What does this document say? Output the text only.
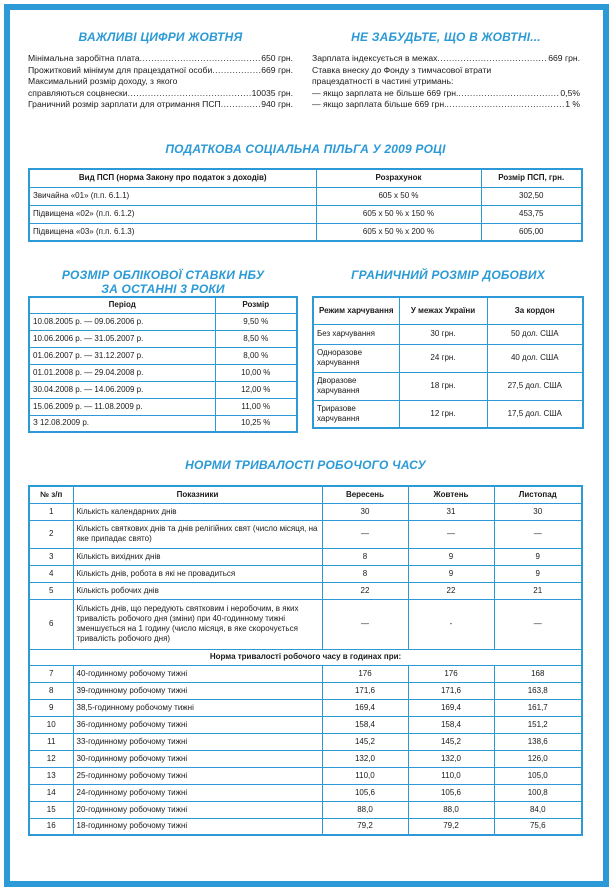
ВАЖЛИВІ ЦИФРИ ЖОВТНЯ
Мінімальна заробітна плата .....	650 грн.
Прожитковий мінімум для працездатної особи .....	669 грн.
Максимальний розмір доходу, з якого
справляються соцвнески .....	10035 грн.
Граничний розмір зарплати для отримання ПСП .....	940 грн.
НЕ ЗАБУДЬТЕ, ЩО В ЖОВТНІ...
Зарплата індексується в межах .....	669 грн.
Ставка внеску до Фонду з тимчасової втрати
працездатності в частині утримань:
— якщо зарплата не більше 669 грн. .....	0,5%
— якщо зарплата більше 669 грн. .....	1 %
ПОДАТКОВА СОЦІАЛЬНА ПІЛЬГА У 2009 РОЦІ
Вид ПСП (норма Закону про податок з доходів)	Розрахунок	Розмір ПСП, грн.
Звичайна «01» (п.п. 6.1.1)	605 x 50 %	302,50
Підвищена «02» (п.п. 6.1.2)	605 x 50 % x 150 %	453,75
Підвищена «03» (п.п. 6.1.3)	605 x 50 % x 200 %	605,00
РОЗМІР ОБЛІКОВОЇ СТАВКИ НБУ
ЗА ОСТАННІ 3 РОКИ
Період	Розмір
10.08.2005 р. — 09.06.2006 р.	9,50 %
10.06.2006 р. — 31.05.2007 р.	8,50 %
01.06.2007 р. — 31.12.2007 р.	8,00 %
01.01.2008 р. — 29.04.2008 р.	10,00 %
30.04.2008 р. — 14.06.2009 р.	12,00 %
15.06.2009 р. — 11.08.2009 р.	11,00 %
З 12.08.2009 р.	10,25 %
ГРАНИЧНИЙ РОЗМІР ДОБОВИХ
Режим харчування	У межах України	За кордон
Без харчування	30 грн.	50 дол. США
Одноразове харчування	24 грн.	40 дол. США
Дворазове харчування	18 грн.	27,5 дол. США
Триразове харчування	12 грн.	17,5 дол. США
НОРМИ ТРИВАЛОСТІ РОБОЧОГО ЧАСУ
№ з/п	Показники	Вересень	Жовтень	Листопад
1	Кількість календарних днів	30	31	30
2	Кількість святкових днів та днів релігійних свят (число місяця, на яке припадає свято)	—	—	—
3	Кількість вихідних днів	8	9	9
4	Кількість днів, робота в які не провадиться	8	9	9
5	Кількість робочих днів	22	22	21
6	Кількість днів, що передують святковим і неробочим, в яких тривалість робочого дня (зміни) при 40-годинному тижні зменшується на 1 годину (число місяця, в яке скорочується тривалість робочого дня)	—	-	—
Норма тривалості робочого часу в годинах при:				
7	40-годинному робочому тижні	176	176	168
8	39-годинному робочому тижні	171,6	171,6	163,8
9	38,5-годинному робочому тижні	169,4	169,4	161,7
10	36-годинному робочому тижні	158,4	158,4	151,2
11	33-годинному робочому тижні	145,2	145,2	138,6
12	30-годинному робочому тижні	132,0	132,0	126,0
13	25-годинному робочому тижні	110,0	110,0	105,0
14	24-годинному робочому тижні	105,6	105,6	100,8
15	20-годинному робочому тижні	88,0	88,0	84,0
16	18-годинному робочому тижні	79,2	79,2	75,6
